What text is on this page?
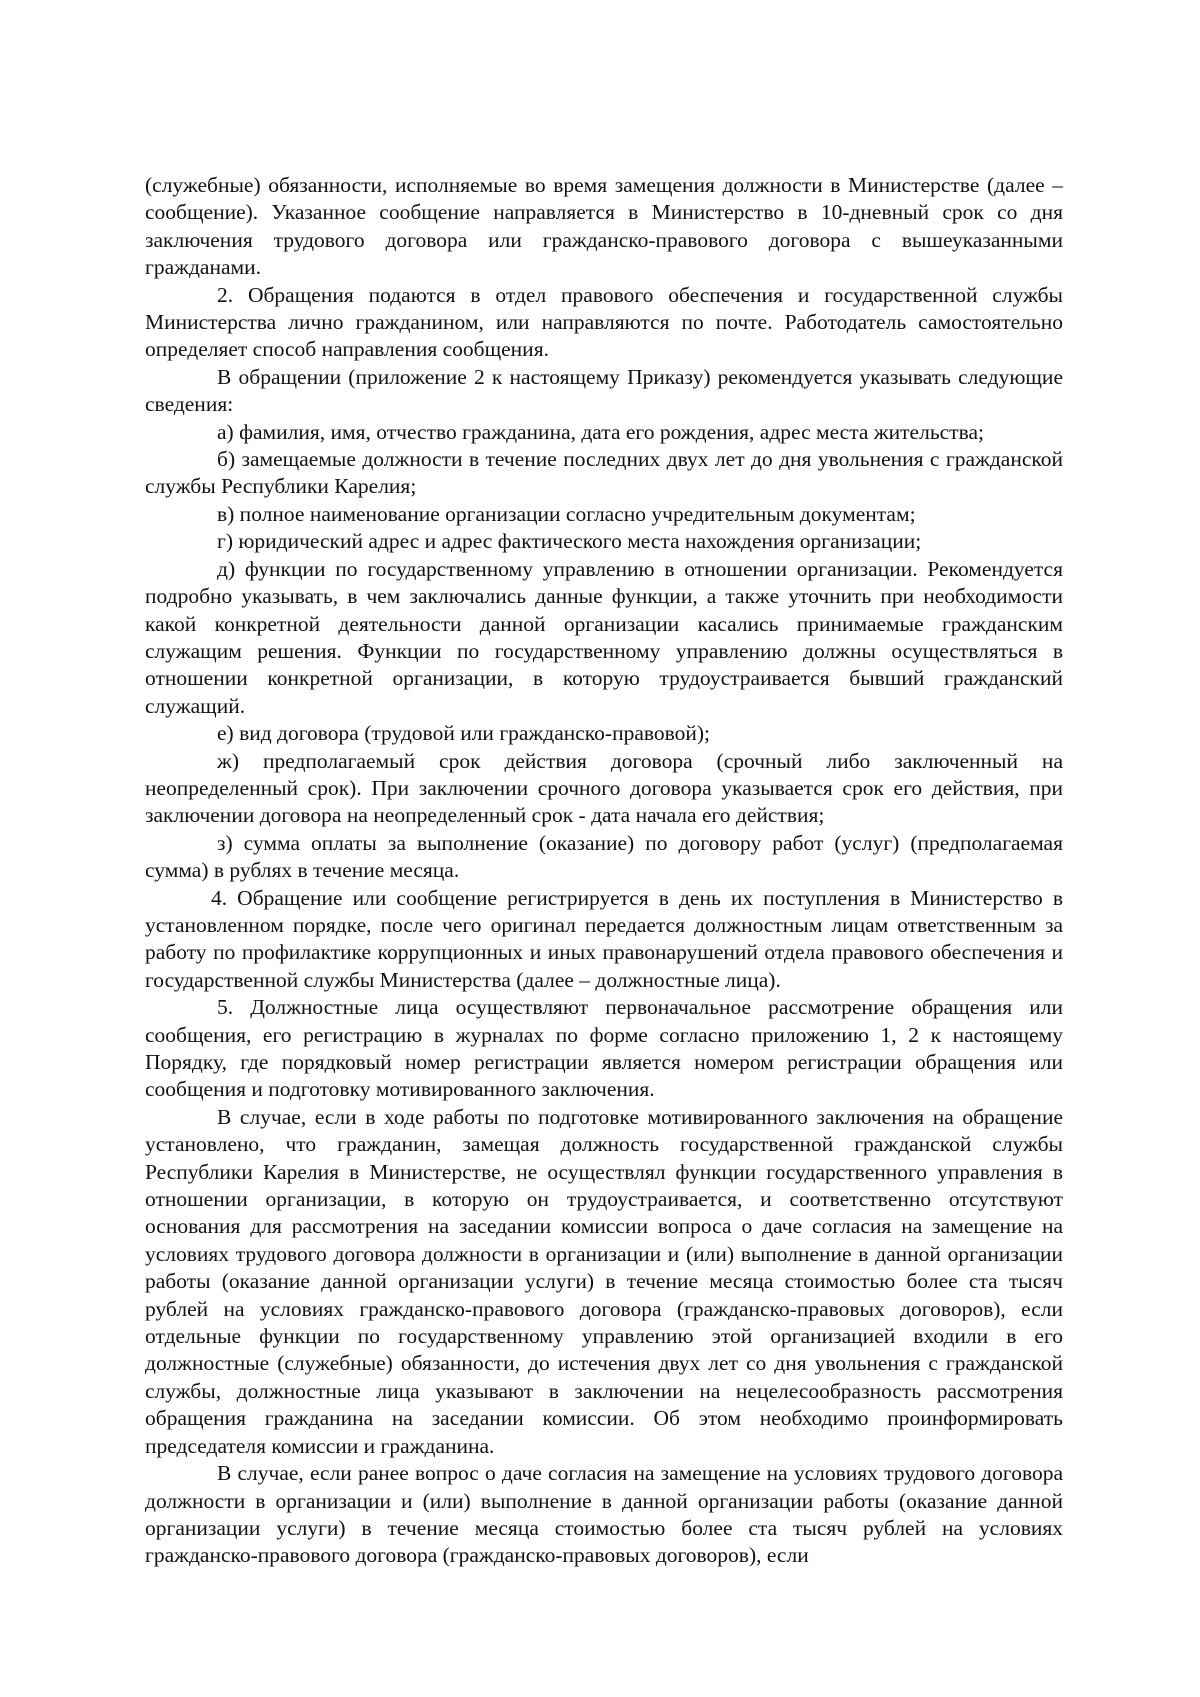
(служебные) обязанности, исполняемые во время замещения должности в Министерстве (далее – сообщение). Указанное сообщение направляется в Министерство в 10-дневный срок со дня заключения трудового договора или гражданско-правового договора с вышеуказанными гражданами.

2. Обращения подаются в отдел правового обеспечения и государственной службы Министерства лично гражданином, или направляются по почте. Работодатель самостоятельно определяет способ направления сообщения.

В обращении (приложение 2 к настоящему Приказу) рекомендуется указывать следующие сведения:

а) фамилия, имя, отчество гражданина, дата его рождения, адрес места жительства;

б) замещаемые должности в течение последних двух лет до дня увольнения с гражданской службы Республики Карелия;

в) полное наименование организации согласно учредительным документам;

г) юридический адрес и адрес фактического места нахождения организации;

д) функции по государственному управлению в отношении организации. Рекомендуется подробно указывать, в чем заключались данные функции, а также уточнить при необходимости какой конкретной деятельности данной организации касались принимаемые гражданским служащим решения. Функции по государственному управлению должны осуществляться в отношении конкретной организации, в которую трудоустраивается бывший гражданский служащий.

е) вид договора (трудовой или гражданско-правовой);

ж) предполагаемый срок действия договора (срочный либо заключенный на неопределенный срок). При заключении срочного договора указывается срок его действия, при заключении договора на неопределенный срок - дата начала его действия;

з) сумма оплаты за выполнение (оказание) по договору работ (услуг) (предполагаемая сумма) в рублях в течение месяца.

4. Обращение или сообщение регистрируется в день их поступления в Министерство в установленном порядке, после чего оригинал передается должностным лицам ответственным за работу по профилактике коррупционных и иных правонарушений отдела правового обеспечения и государственной службы Министерства (далее – должностные лица).

5. Должностные лица осуществляют первоначальное рассмотрение обращения или сообщения, его регистрацию в журналах по форме согласно приложению 1, 2 к настоящему Порядку, где порядковый номер регистрации является номером регистрации обращения или сообщения и подготовку мотивированного заключения.

В случае, если в ходе работы по подготовке мотивированного заключения на обращение установлено, что гражданин, замещая должность государственной гражданской службы Республики Карелия в Министерстве, не осуществлял функции государственного управления в отношении организации, в которую он трудоустраивается, и соответственно отсутствуют основания для рассмотрения на заседании комиссии вопроса о даче согласия на замещение на условиях трудового договора должности в организации и (или) выполнение в данной организации работы (оказание данной организации услуги) в течение месяца стоимостью более ста тысяч рублей на условиях гражданско-правового договора (гражданско-правовых договоров), если отдельные функции по государственному управлению этой организацией входили в его должностные (служебные) обязанности, до истечения двух лет со дня увольнения с гражданской службы, должностные лица указывают в заключении на нецелесообразность рассмотрения обращения гражданина на заседании комиссии. Об этом необходимо проинформировать председателя комиссии и гражданина.

В случае, если ранее вопрос о даче согласия на замещение на условиях трудового договора должности в организации и (или) выполнение в данной организации работы (оказание данной организации услуги) в течение месяца стоимостью более ста тысяч рублей на условиях гражданско-правового договора (гражданско-правовых договоров), если
